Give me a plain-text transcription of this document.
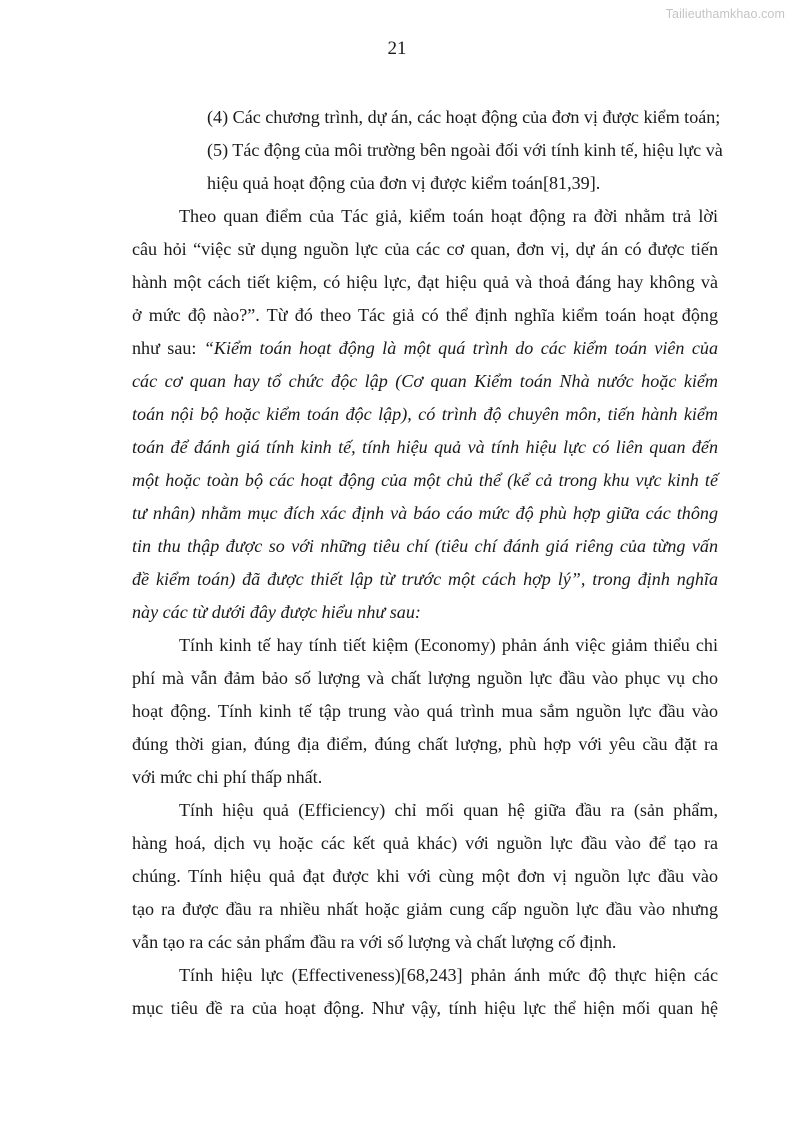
Tailieuthamkhao.com
21
(4) Các chương trình, dự án, các hoạt động của đơn vị được kiểm toán;
(5) Tác động của môi trường bên ngoài đối với tính kinh tế, hiệu lực và
hiệu quả hoạt động của đơn vị được kiểm toán[81,39].
Theo quan điểm của Tác giả, kiểm toán hoạt động ra đời nhằm trả lời
câu hỏi “việc sử dụng nguồn lực của các cơ quan, đơn vị, dự án có được tiến
hành một cách tiết kiệm, có hiệu lực, đạt hiệu quả và thoả đáng hay không và
ở mức độ nào?”. Từ đó theo Tác giả có thể định nghĩa kiểm toán hoạt động
như sau: “Kiểm toán hoạt động là một quá trình do các kiểm toán viên của
các cơ quan hay tổ chức độc lập (Cơ quan Kiểm toán Nhà nước hoặc kiểm
toán nội bộ hoặc kiểm toán độc lập), có trình độ chuyên môn, tiến hành kiểm
toán để đánh giá tính kinh tế, tính hiệu quả và tính hiệu lực có liên quan đến
một hoặc toàn bộ các hoạt động của một chủ thể (kể cả trong khu vực kinh tế
tư nhân) nhằm mục đích xác định và báo cáo mức độ phù hợp giữa các thông
tin thu thập được so với những tiêu chí (tiêu chí đánh giá riêng của từng vấn
đề kiểm toán) đã được thiết lập từ trước một cách hợp lý”, trong định nghĩa
này các từ dưới đây được hiểu như sau:
Tính kinh tế hay tính tiết kiệm (Economy) phản ánh việc giảm thiểu chi
phí mà vẫn đảm bảo số lượng và chất lượng nguồn lực đầu vào phục vụ cho
hoạt động. Tính kinh tế tập trung vào quá trình mua sắm nguồn lực đầu vào
đúng thời gian, đúng địa điểm, đúng chất lượng, phù hợp với yêu cầu đặt ra
với mức chi phí thấp nhất.
Tính hiệu quả (Efficiency) chỉ mối quan hệ giữa đầu ra (sản phẩm,
hàng hoá, dịch vụ hoặc các kết quả khác) với nguồn lực đầu vào để tạo ra
chúng. Tính hiệu quả đạt được khi với cùng một đơn vị nguồn lực đầu vào
tạo ra được đầu ra nhiều nhất hoặc giảm cung cấp nguồn lực đầu vào nhưng
vẫn tạo ra các sản phẩm đầu ra với số lượng và chất lượng cố định.
Tính hiệu lực (Effectiveness)[68,243] phản ánh mức độ thực hiện các
mục tiêu đề ra của hoạt động. Như vậy, tính hiệu lực thể hiện mối quan hệ
